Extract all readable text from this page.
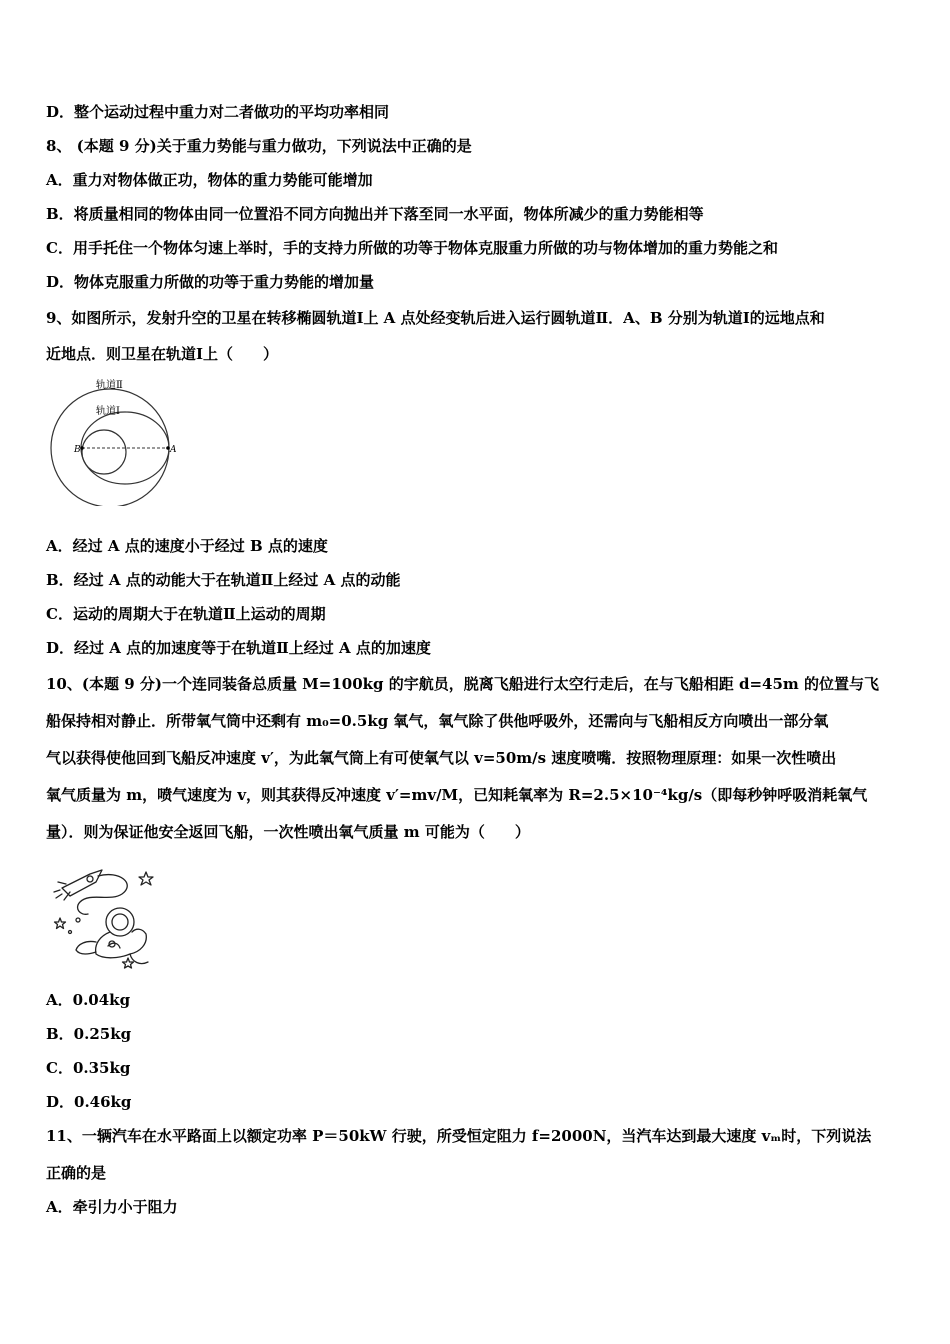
D．整个运动过程中重力对二者做功的平均功率相同
8、 (本题 9 分)关于重力势能与重力做功，下列说法中正确的是
A．重力对物体做正功，物体的重力势能可能增加
B．将质量相同的物体由同一位置沿不同方向抛出并下落至同一水平面，物体所减少的重力势能相等
C．用手托住一个物体匀速上举时，手的支持力所做的功等于物体克服重力所做的功与物体增加的重力势能之和
D．物体克服重力所做的功等于重力势能的增加量
9、如图所示，发射升空的卫星在转移椭圆轨道Ⅰ上 A 点处经变轨后进入运行圆轨道Ⅱ．A、B 分别为轨道Ⅰ的远地点和
近地点．则卫星在轨道Ⅰ上（　　）
轨道Ⅱ
轨道Ⅰ
B	A
A．经过 A 点的速度小于经过 B 点的速度
B．经过 A 点的动能大于在轨道Ⅱ上经过 A 点的动能
C．运动的周期大于在轨道Ⅱ上运动的周期
D．经过 A 点的加速度等于在轨道Ⅱ上经过 A 点的加速度
10、(本题 9 分)一个连同装备总质量 M=100kg 的宇航员，脱离飞船进行太空行走后，在与飞船相距 d=45m 的位置与飞
船保持相对静止．所带氧气筒中还剩有 m₀=0.5kg 氧气，氧气除了供他呼吸外，还需向与飞船相反方向喷出一部分氧
气以获得使他回到飞船反冲速度 v′，为此氧气筒上有可使氧气以 v=50m/s 速度喷嘴．按照物理原理：如果一次性喷出
氧气质量为 m，喷气速度为 v，则其获得反冲速度 v′=mv/M，已知耗氧率为 R=2.5×10⁻⁴kg/s（即每秒钟呼吸消耗氧气
量）．则为保证他安全返回飞船，一次性喷出氧气质量 m 可能为（　　）
A．0.04kg
B．0.25kg
C．0.35kg
D．0.46kg
11、一辆汽车在水平路面上以额定功率 P＝50kW 行驶，所受恒定阻力 f=2000N，当汽车达到最大速度 vₘ时，下列说法
正确的是
A．牵引力小于阻力
